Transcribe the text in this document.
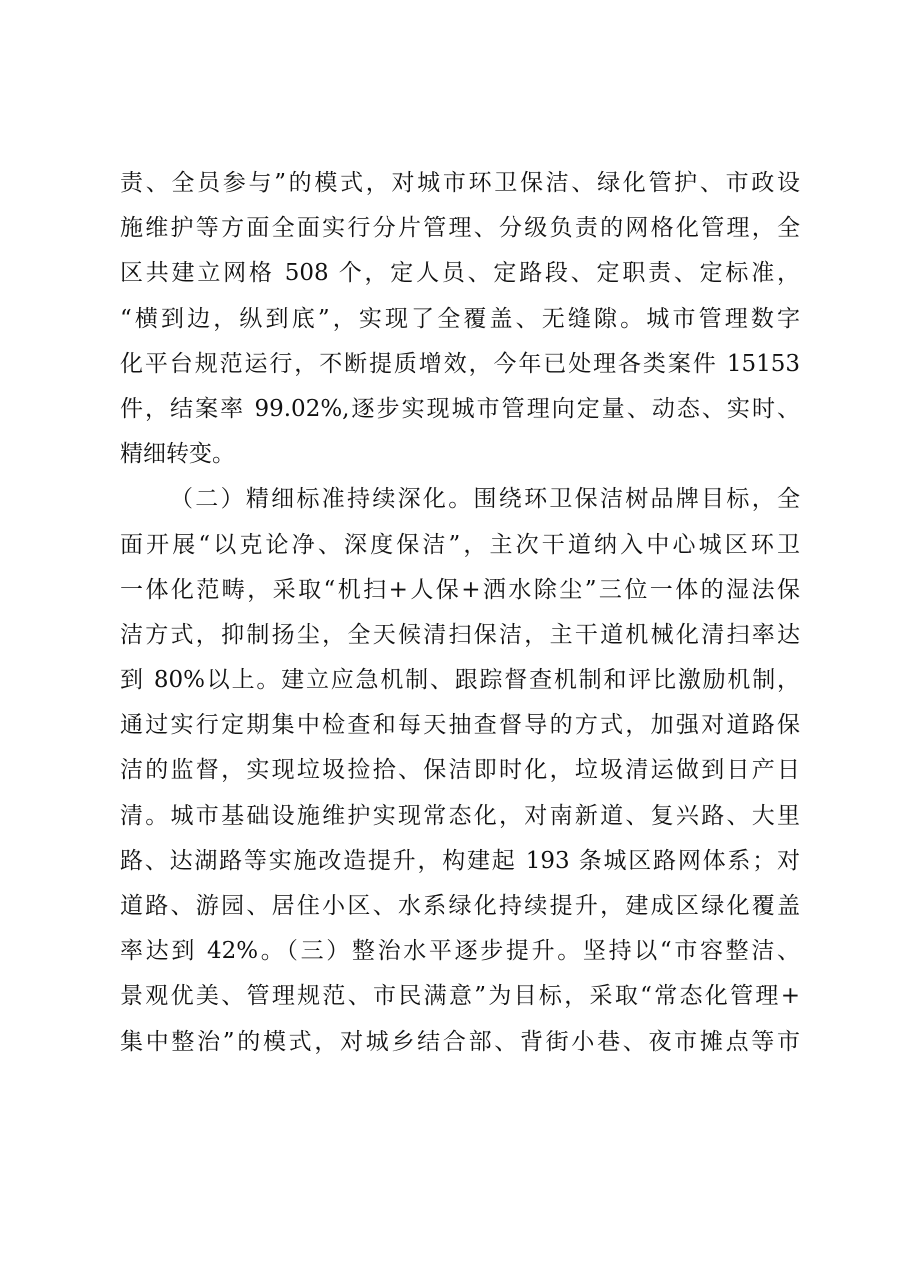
责、全员参与”的模式，对城市环卫保洁、绿化管护、市政设
施维护等方面全面实行分片管理、分级负责的网格化管理，全
区共建立网格 508 个，定人员、定路段、定职责、定标准，
“横到边，纵到底”，实现了全覆盖、无缝隙。城市管理数字
化平台规范运行，不断提质增效，今年已处理各类案件 15153
件，结案率 99.02%,逐步实现城市管理向定量、动态、实时、
精细转变。
（二）精细标准持续深化。围绕环卫保洁树品牌目标，全
面开展“以克论净、深度保洁”，主次干道纳入中心城区环卫
一体化范畴，采取“机扫+人保+洒水除尘”三位一体的湿法保
洁方式，抑制扬尘，全天候清扫保洁，主干道机械化清扫率达
到 80%以上。建立应急机制、跟踪督查机制和评比激励机制，
通过实行定期集中检查和每天抽查督导的方式，加强对道路保
洁的监督，实现垃圾捡拾、保洁即时化，垃圾清运做到日产日
清。城市基础设施维护实现常态化，对南新道、复兴路、大里
路、达湖路等实施改造提升，构建起 193 条城区路网体系；对
道路、游园、居住小区、水系绿化持续提升，建成区绿化覆盖
率达到 42%。（三）整治水平逐步提升。坚持以“市容整洁、
景观优美、管理规范、市民满意”为目标，采取“常态化管理+
集中整治”的模式，对城乡结合部、背街小巷、夜市摊点等市
